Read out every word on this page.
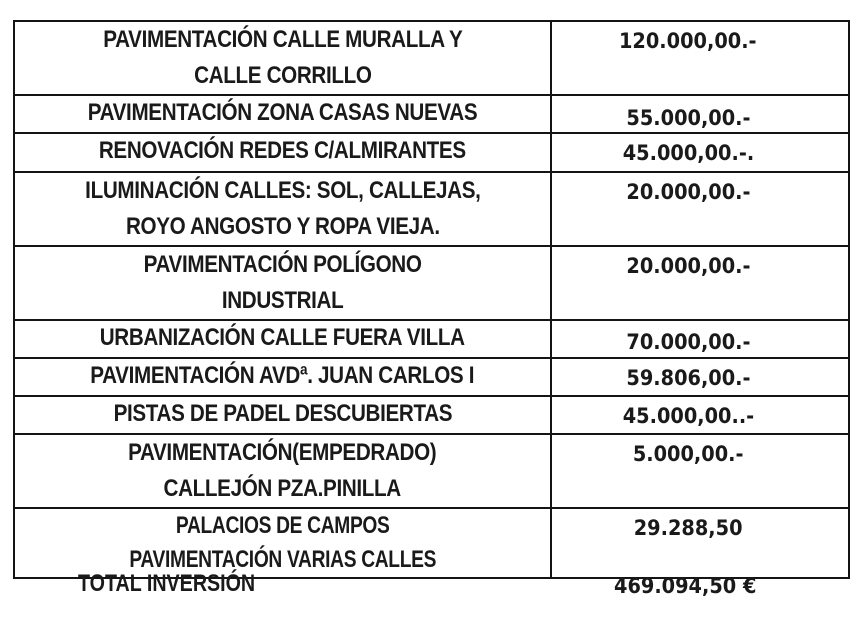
PAVIMENTACIÓN CALLE MURALLA Y
CALLE CORRILLO	120.000,00.-

PAVIMENTACIÓN ZONA CASAS NUEVAS	55.000,00.-

RENOVACIÓN REDES C/ALMIRANTES	45.000,00.-.

ILUMINACIÓN CALLES: SOL, CALLEJAS,
ROYO ANGOSTO Y ROPA VIEJA.	20.000,00.-

PAVIMENTACIÓN POLÍGONO
INDUSTRIAL	20.000,00.-

URBANIZACIÓN CALLE FUERA VILLA	70.000,00.-

PAVIMENTACIÓN AVDª. JUAN CARLOS I	59.806,00.-

PISTAS DE PADEL DESCUBIERTAS	45.000,00..-

PAVIMENTACIÓN(EMPEDRADO)
CALLEJÓN PZA.PINILLA	5.000,00.-

PALACIOS DE CAMPOS
PAVIMENTACIÓN VARIAS CALLES	29.288,50
TOTAL INVERSIÓN	469.094,50 €
